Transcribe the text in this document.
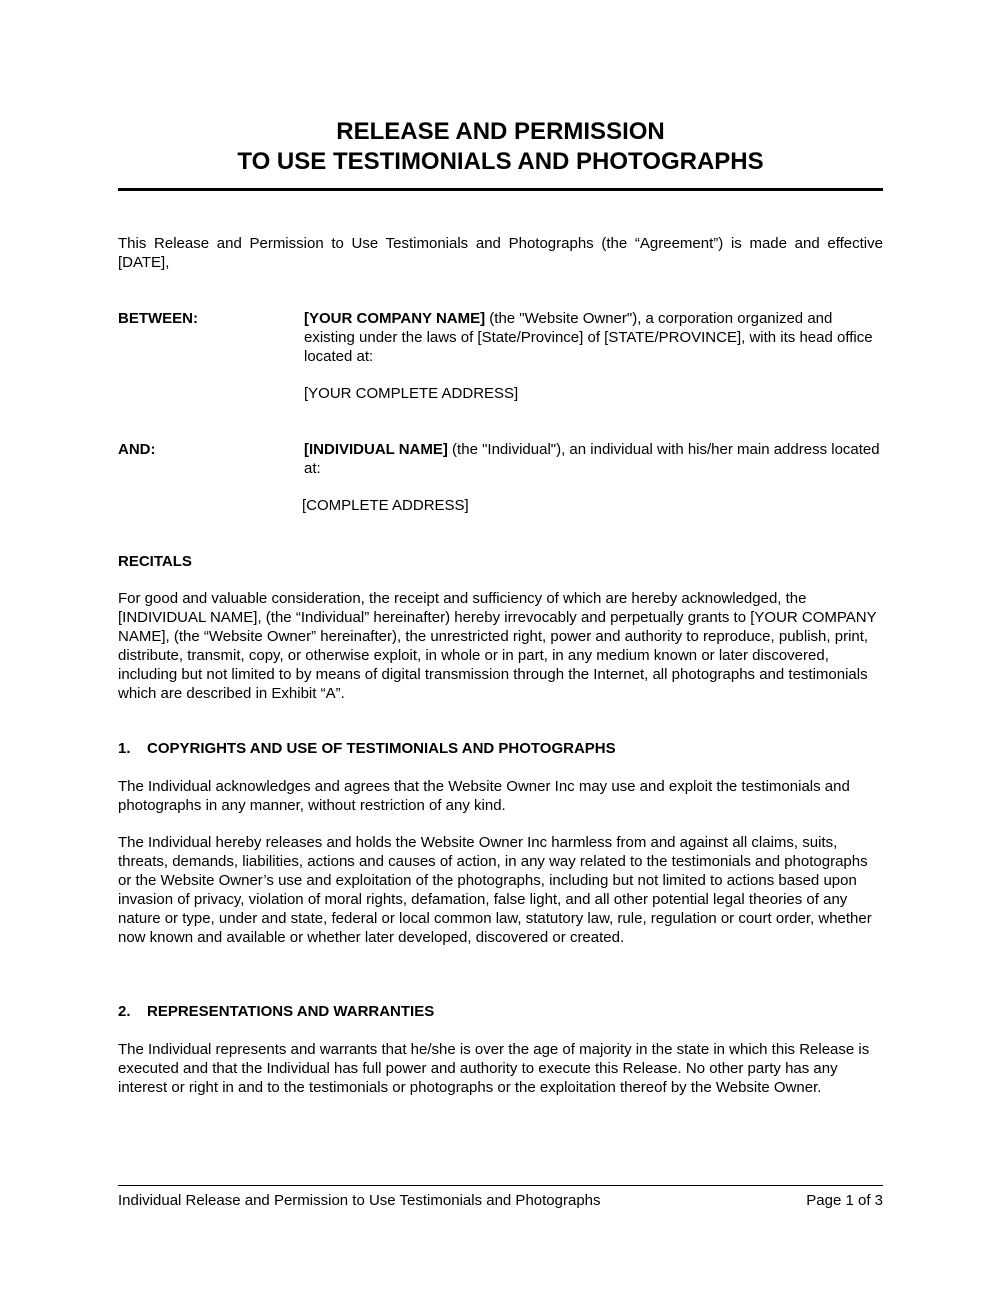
RELEASE AND PERMISSION
TO USE TESTIMONIALS AND PHOTOGRAPHS

This Release and Permission to Use Testimonials and Photographs (the “Agreement”) is made and effective [DATE],

BETWEEN:	[YOUR COMPANY NAME] (the "Website Owner"), a corporation organized and existing under the laws of [State/Province] of [STATE/PROVINCE], with its head office located at:

[YOUR COMPLETE ADDRESS]

AND:	[INDIVIDUAL NAME] (the "Individual"), an individual with his/her main address located at:

[COMPLETE ADDRESS]

RECITALS

For good and valuable consideration, the receipt and sufficiency of which are hereby acknowledged, the [INDIVIDUAL NAME], (the “Individual” hereinafter) hereby irrevocably and perpetually grants to [YOUR COMPANY NAME], (the “Website Owner” hereinafter), the unrestricted right, power and authority to reproduce, publish, print, distribute, transmit, copy, or otherwise exploit, in whole or in part, in any medium known or later discovered, including but not limited to by means of digital transmission through the Internet, all photographs and testimonials which are described in Exhibit “A”.

1. COPYRIGHTS AND USE OF TESTIMONIALS AND PHOTOGRAPHS

The Individual acknowledges and agrees that the Website Owner Inc may use and exploit the testimonials and photographs in any manner, without restriction of any kind.

The Individual hereby releases and holds the Website Owner Inc harmless from and against all claims, suits, threats, demands, liabilities, actions and causes of action, in any way related to the testimonials and photographs or the Website Owner’s use and exploitation of the photographs, including but not limited to actions based upon invasion of privacy, violation of moral rights, defamation, false light, and all other potential legal theories of any nature or type, under and state, federal or local common law, statutory law, rule, regulation or court order, whether now known and available or whether later developed, discovered or created.

2. REPRESENTATIONS AND WARRANTIES

The Individual represents and warrants that he/she is over the age of majority in the state in which this Release is executed and that the Individual has full power and authority to execute this Release. No other party has any interest or right in and to the testimonials or photographs or the exploitation thereof by the Website Owner.

Individual Release and Permission to Use Testimonials and Photographs	Page 1 of 3
